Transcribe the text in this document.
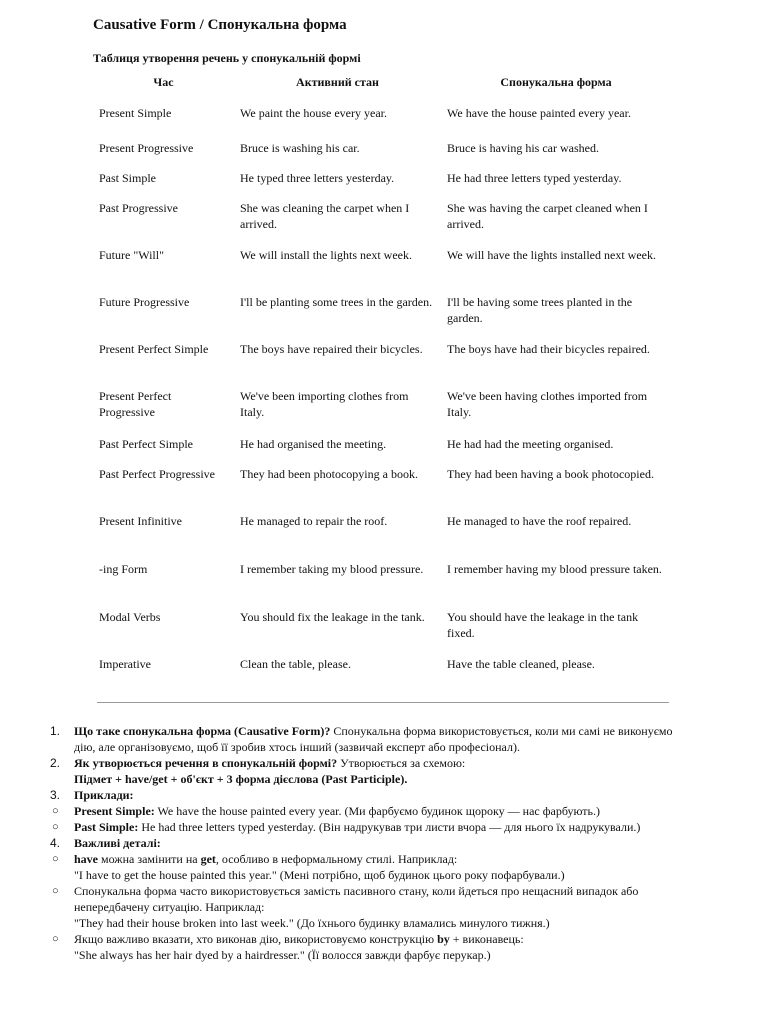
Causative Form / Спонукальна форма
Таблиця утворення речень у спонукальній формі
Час	Активний стан	Спонукальна форма
Present Simple	We paint the house every year.	We have the house painted every year.
Present Progressive	Bruce is washing his car.	Bruce is having his car washed.
Past Simple	He typed three letters yesterday.	He had three letters typed yesterday.
Past Progressive	She was cleaning the carpet when I arrived.	She was having the carpet cleaned when I arrived.
Future "Will"	We will install the lights next week.	We will have the lights installed next week.
Future Progressive	I'll be planting some trees in the garden.	I'll be having some trees planted in the garden.
Present Perfect Simple	The boys have repaired their bicycles.	The boys have had their bicycles repaired.
Present Perfect Progressive	We've been importing clothes from Italy.	We've been having clothes imported from Italy.
Past Perfect Simple	He had organised the meeting.	He had had the meeting organised.
Past Perfect Progressive	They had been photocopying a book.	They had been having a book photocopied.
Present Infinitive	He managed to repair the roof.	He managed to have the roof repaired.
-ing Form	I remember taking my blood pressure.	I remember having my blood pressure taken.
Modal Verbs	You should fix the leakage in the tank.	You should have the leakage in the tank fixed.
Imperative	Clean the table, please.	Have the table cleaned, please.
1.	Що таке спонукальна форма (Causative Form)? Спонукальна форма використовується, коли ми самі не виконуємо дію, але організовуємо, щоб її зробив хтось інший (зазвичай експерт або професіонал).
2.	Як утворюється речення в спонукальній формі? Утворюється за схемою:
Підмет + have/get + об'єкт + 3 форма дієслова (Past Participle).
3.	Приклади:
○	Present Simple: We have the house painted every year. (Ми фарбуємо будинок щороку — нас фарбують.)
○	Past Simple: He had three letters typed yesterday. (Він надрукував три листи вчора — для нього їх надрукували.)
4.	Важливі деталі:
○	have можна замінити на get, особливо в неформальному стилі. Наприклад:
"I have to get the house painted this year." (Мені потрібно, щоб будинок цього року пофарбували.)
○	Спонукальна форма часто використовується замість пасивного стану, коли йдеться про нещасний випадок або непередбачену ситуацію. Наприклад:
"They had their house broken into last week." (До їхнього будинку вламались минулого тижня.)
○	Якщо важливо вказати, хто виконав дію, використовуємо конструкцію by + виконавець:
"She always has her hair dyed by a hairdresser." (Її волосся завжди фарбує перукар.)
